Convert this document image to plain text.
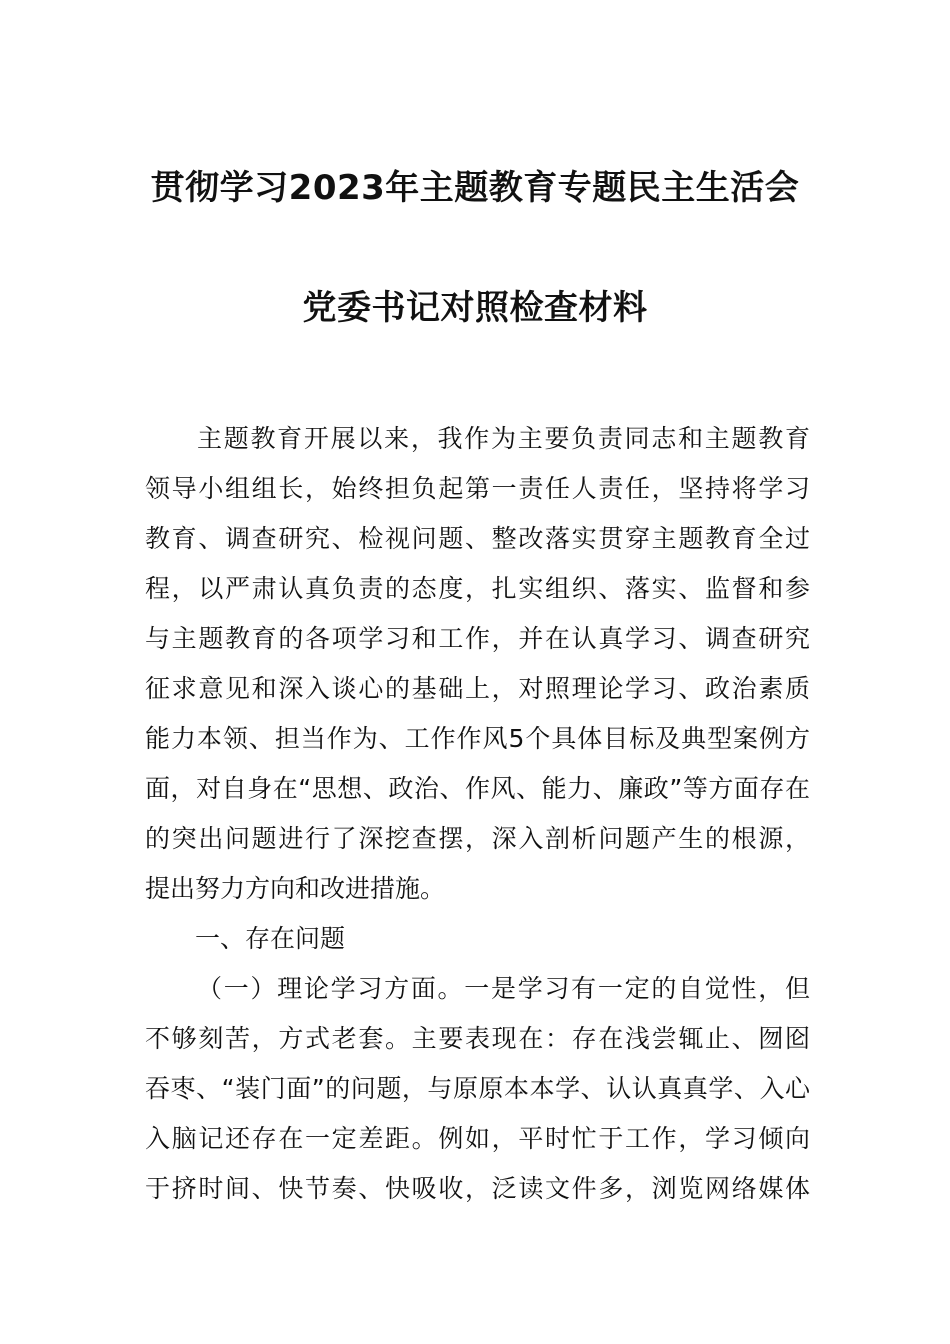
贯彻学习2023年主题教育专题民主生活会
党委书记对照检查材料
主题教育开展以来，我作为主要负责同志和主题教育
领导小组组长，始终担负起第一责任人责任，坚持将学习
教育、调查研究、检视问题、整改落实贯穿主题教育全过
程，以严肃认真负责的态度，扎实组织、落实、监督和参
与主题教育的各项学习和工作，并在认真学习、调查研究
征求意见和深入谈心的基础上，对照理论学习、政治素质
能力本领、担当作为、工作作风5个具体目标及典型案例方
面，对自身在“思想、政治、作风、能力、廉政”等方面存在
的突出问题进行了深挖查摆，深入剖析问题产生的根源，
提出努力方向和改进措施。
一、存在问题
（一）理论学习方面。一是学习有一定的自觉性，但
不够刻苦，方式老套。主要表现在：存在浅尝辄止、囫囵
吞枣、“装门面”的问题，与原原本本学、认认真真学、入心
入脑记还存在一定差距。例如，平时忙于工作，学习倾向
于挤时间、快节奏、快吸收，泛读文件多，浏览网络媒体
